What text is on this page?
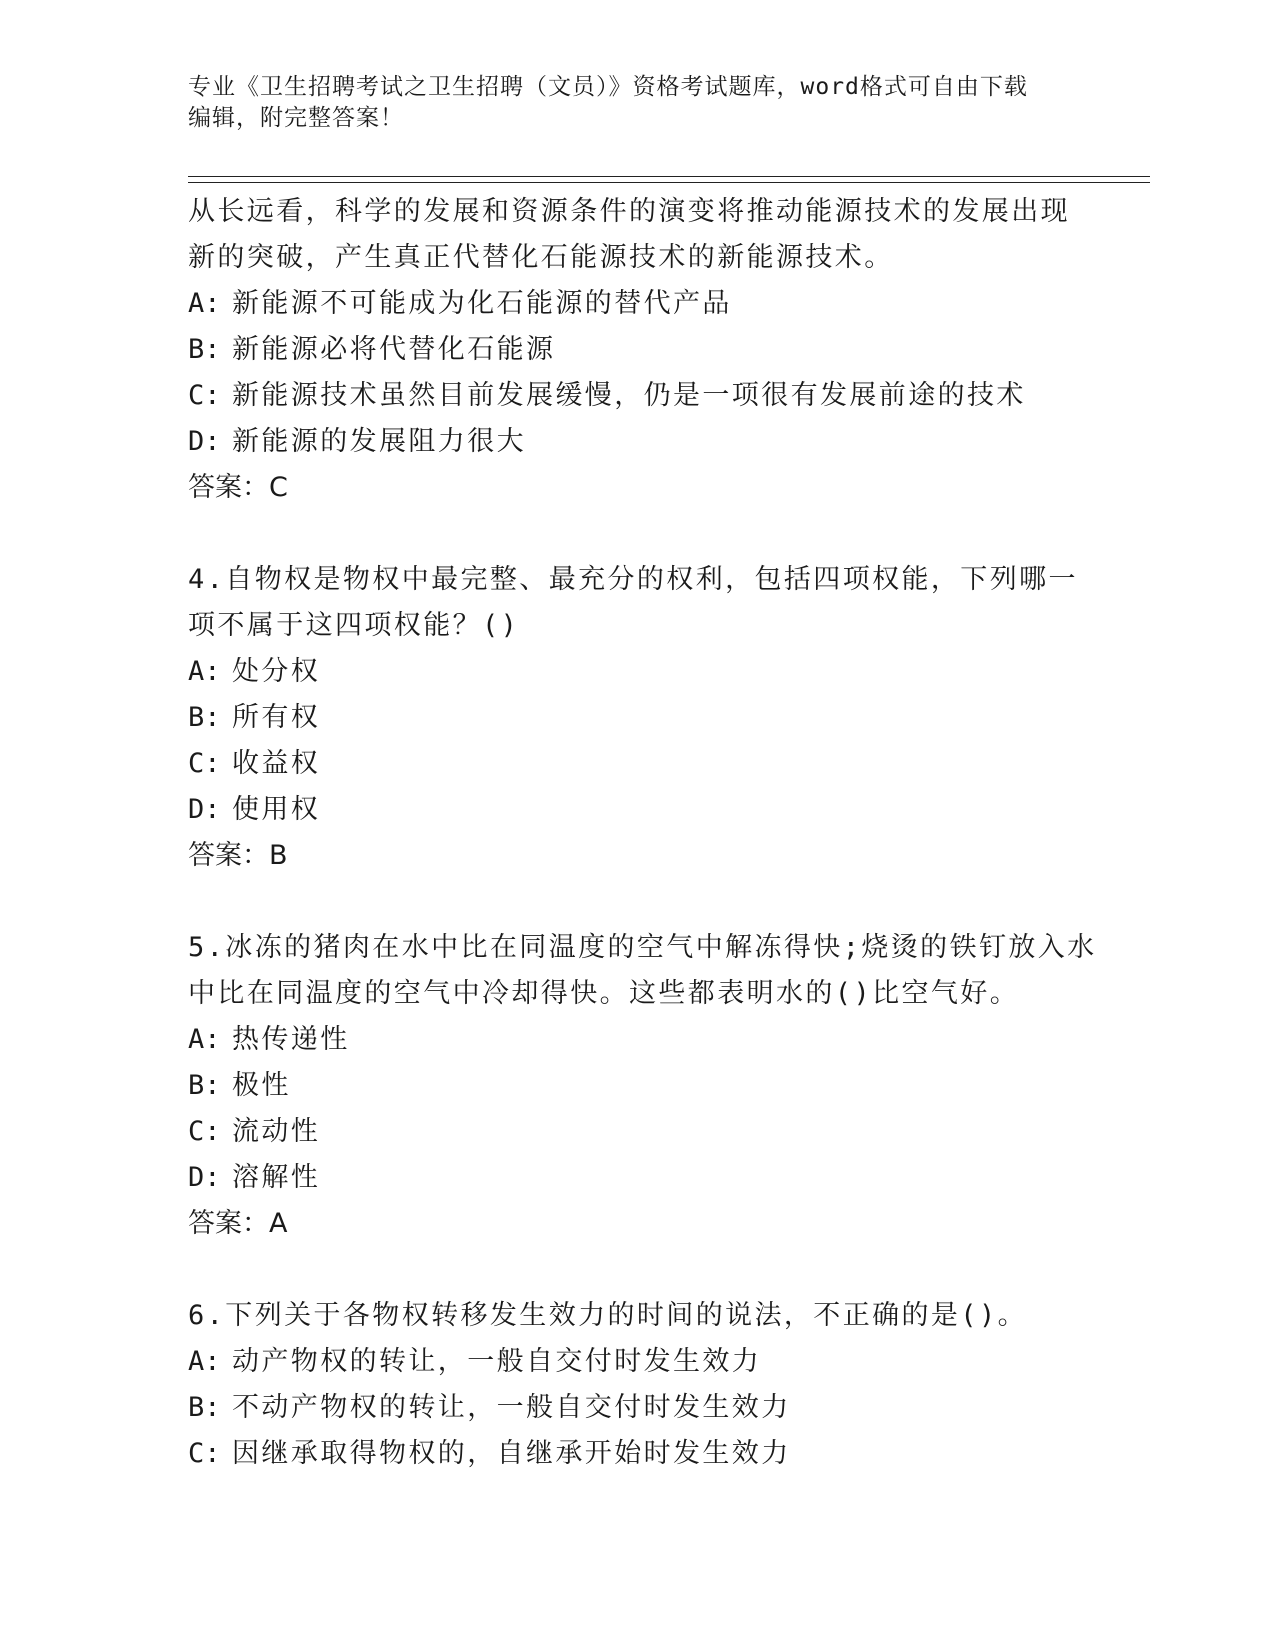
专业《卫生招聘考试之卫生招聘（文员）》资格考试题库，word格式可自由下载
编辑，附完整答案！
从长远看，科学的发展和资源条件的演变将推动能源技术的发展出现
新的突破，产生真正代替化石能源技术的新能源技术。
A: 新能源不可能成为化石能源的替代产品
B: 新能源必将代替化石能源
C: 新能源技术虽然目前发展缓慢，仍是一项很有发展前途的技术
D: 新能源的发展阻力很大
答案：C
4.自物权是物权中最完整、最充分的权利，包括四项权能，下列哪一
项不属于这四项权能？()
A: 处分权
B: 所有权
C: 收益权
D: 使用权
答案：B
5.冰冻的猪肉在水中比在同温度的空气中解冻得快;烧烫的铁钉放入水
中比在同温度的空气中冷却得快。这些都表明水的()比空气好。
A: 热传递性
B: 极性
C: 流动性
D: 溶解性
答案：A
6.下列关于各物权转移发生效力的时间的说法，不正确的是()。
A: 动产物权的转让，一般自交付时发生效力
B: 不动产物权的转让，一般自交付时发生效力
C: 因继承取得物权的，自继承开始时发生效力
